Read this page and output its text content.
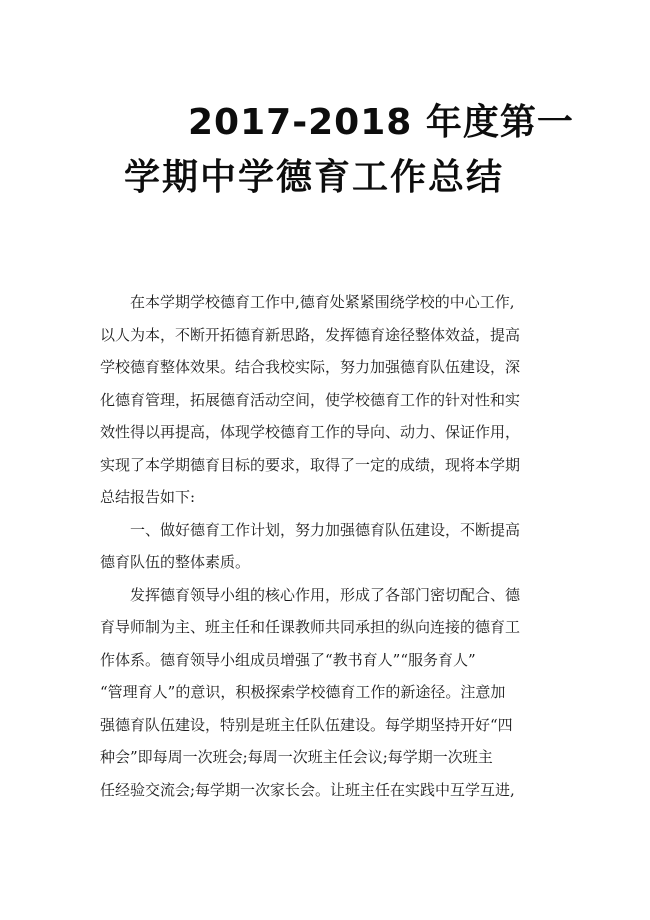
2017-2018 年度第一
学期中学德育工作总结
在本学期学校德育工作中,德育处紧紧围绕学校的中心工作,
以人为本，不断开拓德育新思路，发挥德育途径整体效益，提高
学校德育整体效果。结合我校实际，努力加强德育队伍建设，深
化德育管理，拓展德育活动空间，使学校德育工作的针对性和实
效性得以再提高，体现学校德育工作的导向、动力、保证作用，
实现了本学期德育目标的要求，取得了一定的成绩，现将本学期
总结报告如下:
一、做好德育工作计划，努力加强德育队伍建设，不断提高
德育队伍的整体素质。
发挥德育领导小组的核心作用，形成了各部门密切配合、德
育导师制为主、班主任和任课教师共同承担的纵向连接的德育工
作体系。德育领导小组成员增强了“教书育人”“服务育人”
“管理育人”的意识，积极探索学校德育工作的新途径。注意加
强德育队伍建设，特别是班主任队伍建设。每学期坚持开好“四
种会”即每周一次班会;每周一次班主任会议;每学期一次班主
任经验交流会;每学期一次家长会。让班主任在实践中互学互进,
